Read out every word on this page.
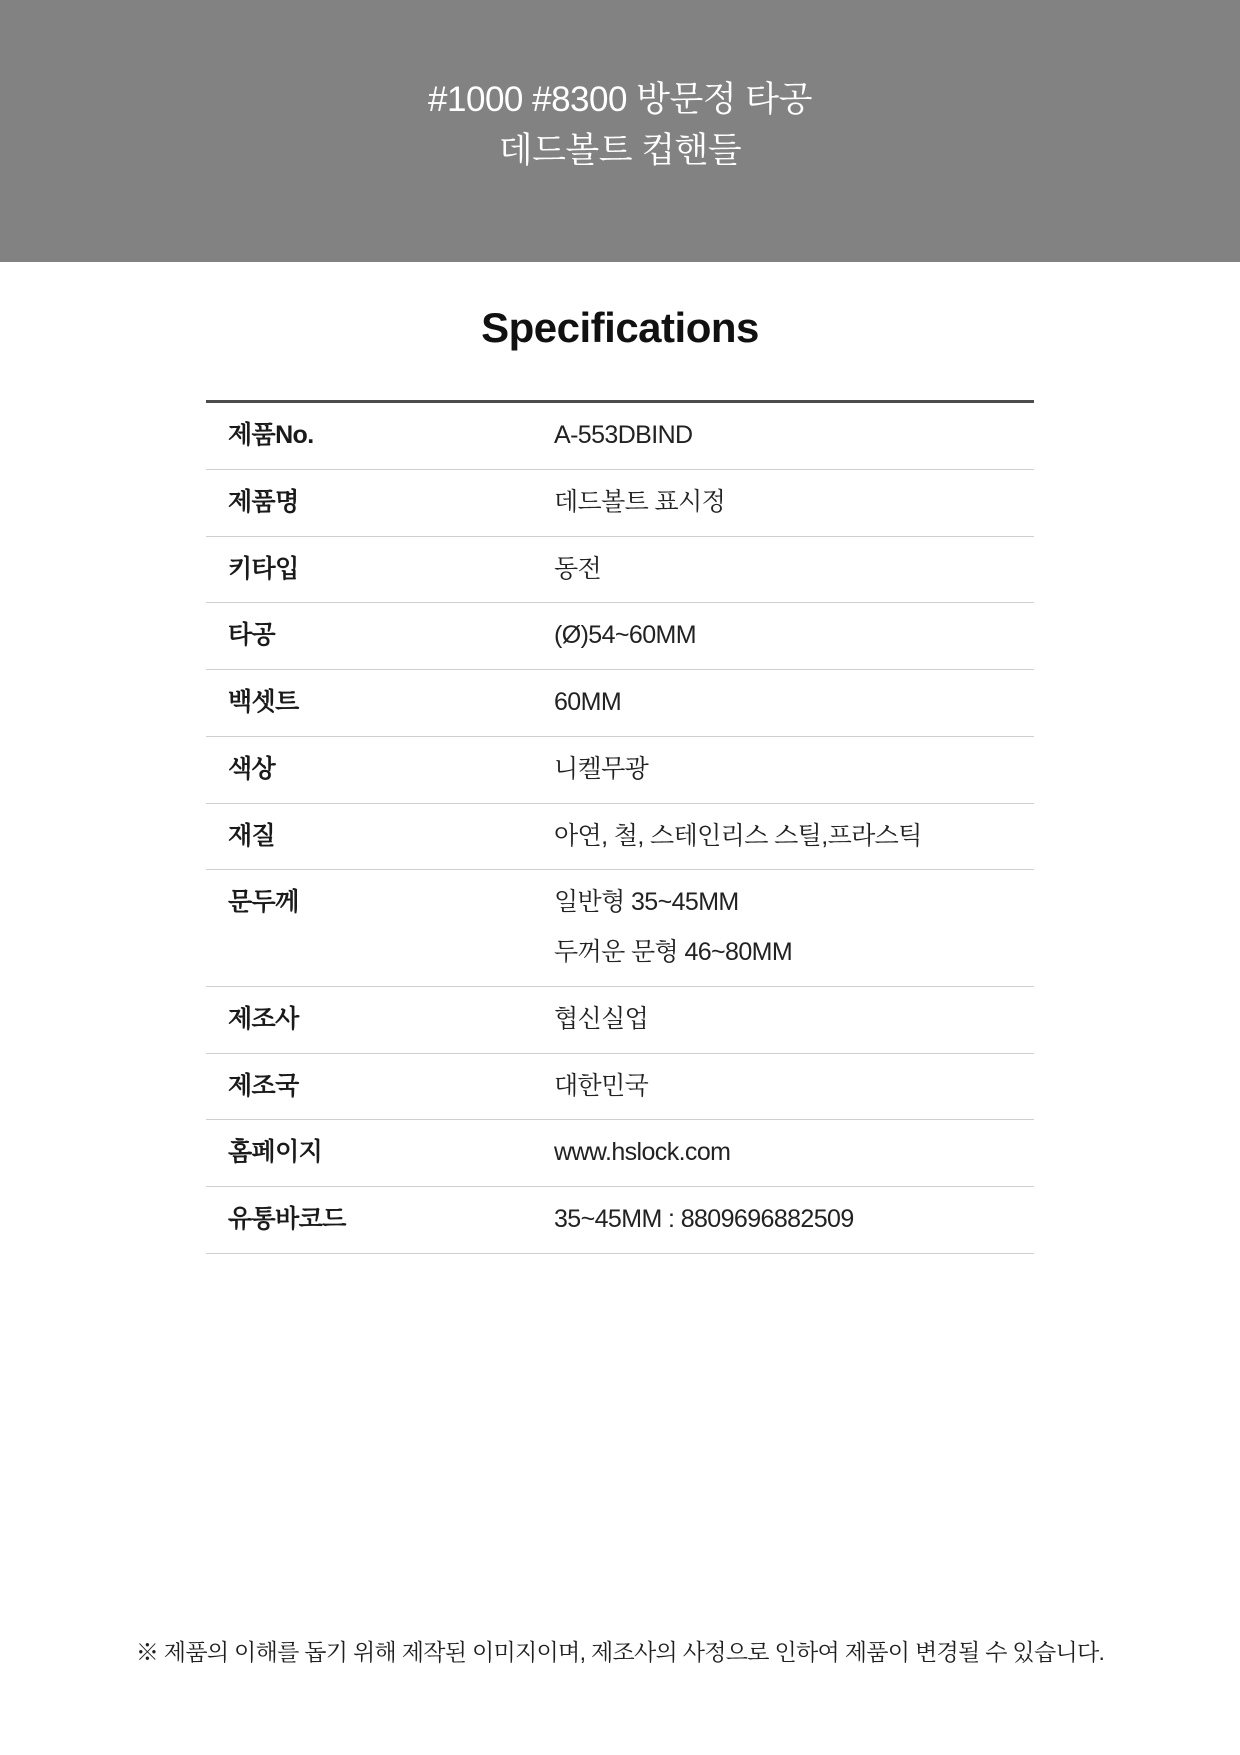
#1000 #8300 방문정 타공
데드볼트 컵핸들
Specifications
제품No.	A-553DBIND
제품명	데드볼트 표시정
키타입	동전
타공	(Ø)54~60MM
백셋트	60MM
색상	니켈무광
재질	아연, 철, 스테인리스 스틸,프라스틱
문두께	일반형 35~45MM
	두꺼운 문형 46~80MM
제조사	협신실업
제조국	대한민국
홈페이지	www.hslock.com
유통바코드	35~45MM : 8809696882509
※ 제품의 이해를 돕기 위해 제작된 이미지이며, 제조사의 사정으로 인하여 제품이 변경될 수 있습니다.
